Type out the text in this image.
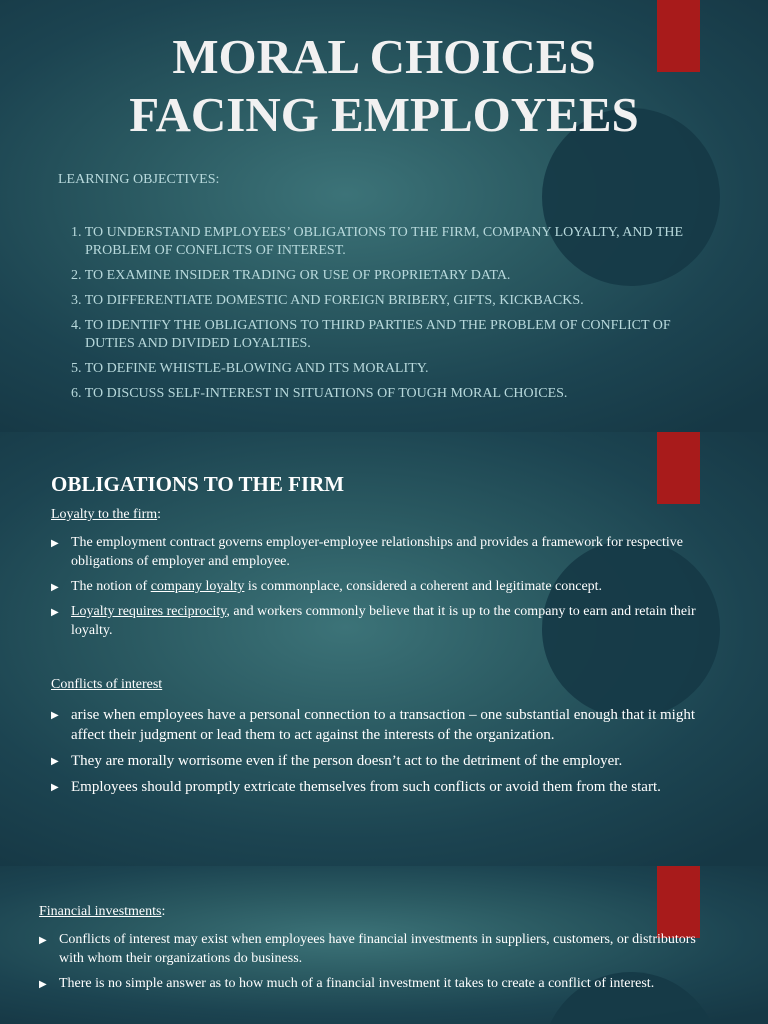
MORAL CHOICES
FACING EMPLOYEES

LEARNING OBJECTIVES:

1. TO UNDERSTAND EMPLOYEES’ OBLIGATIONS TO THE FIRM, COMPANY LOYALTY, AND THE PROBLEM OF CONFLICTS OF INTEREST.
2. TO EXAMINE INSIDER TRADING OR USE OF PROPRIETARY DATA.
3. TO DIFFERENTIATE DOMESTIC AND FOREIGN BRIBERY, GIFTS, KICKBACKS.
4. TO IDENTIFY THE OBLIGATIONS TO THIRD PARTIES AND THE PROBLEM OF CONFLICT OF DUTIES AND DIVIDED LOYALTIES.
5. TO DEFINE WHISTLE-BLOWING AND ITS MORALITY.
6. TO DISCUSS SELF-INTEREST IN SITUATIONS OF TOUGH MORAL CHOICES.
OBLIGATIONS TO THE FIRM

Loyalty to the firm:

▶ The employment contract governs employer-employee relationships and provides a framework for respective obligations of employer and employee.
▶ The notion of company loyalty is commonplace, considered a coherent and legitimate concept.
▶ Loyalty requires reciprocity, and workers commonly believe that it is up to the company to earn and retain their loyalty.

Conflicts of interest

▶ arise when employees have a personal connection to a transaction – one substantial enough that it might affect their judgment or lead them to act against the interests of the organization.
▶ They are morally worrisome even if the person doesn’t act to the detriment of the employer.
▶ Employees should promptly extricate themselves from such conflicts or avoid them from the start.

Financial investments:

▶ Conflicts of interest may exist when employees have financial investments in suppliers, customers, or distributors with whom their organizations do business.
▶ There is no simple answer as to how much of a financial investment it takes to create a conflict of interest.
